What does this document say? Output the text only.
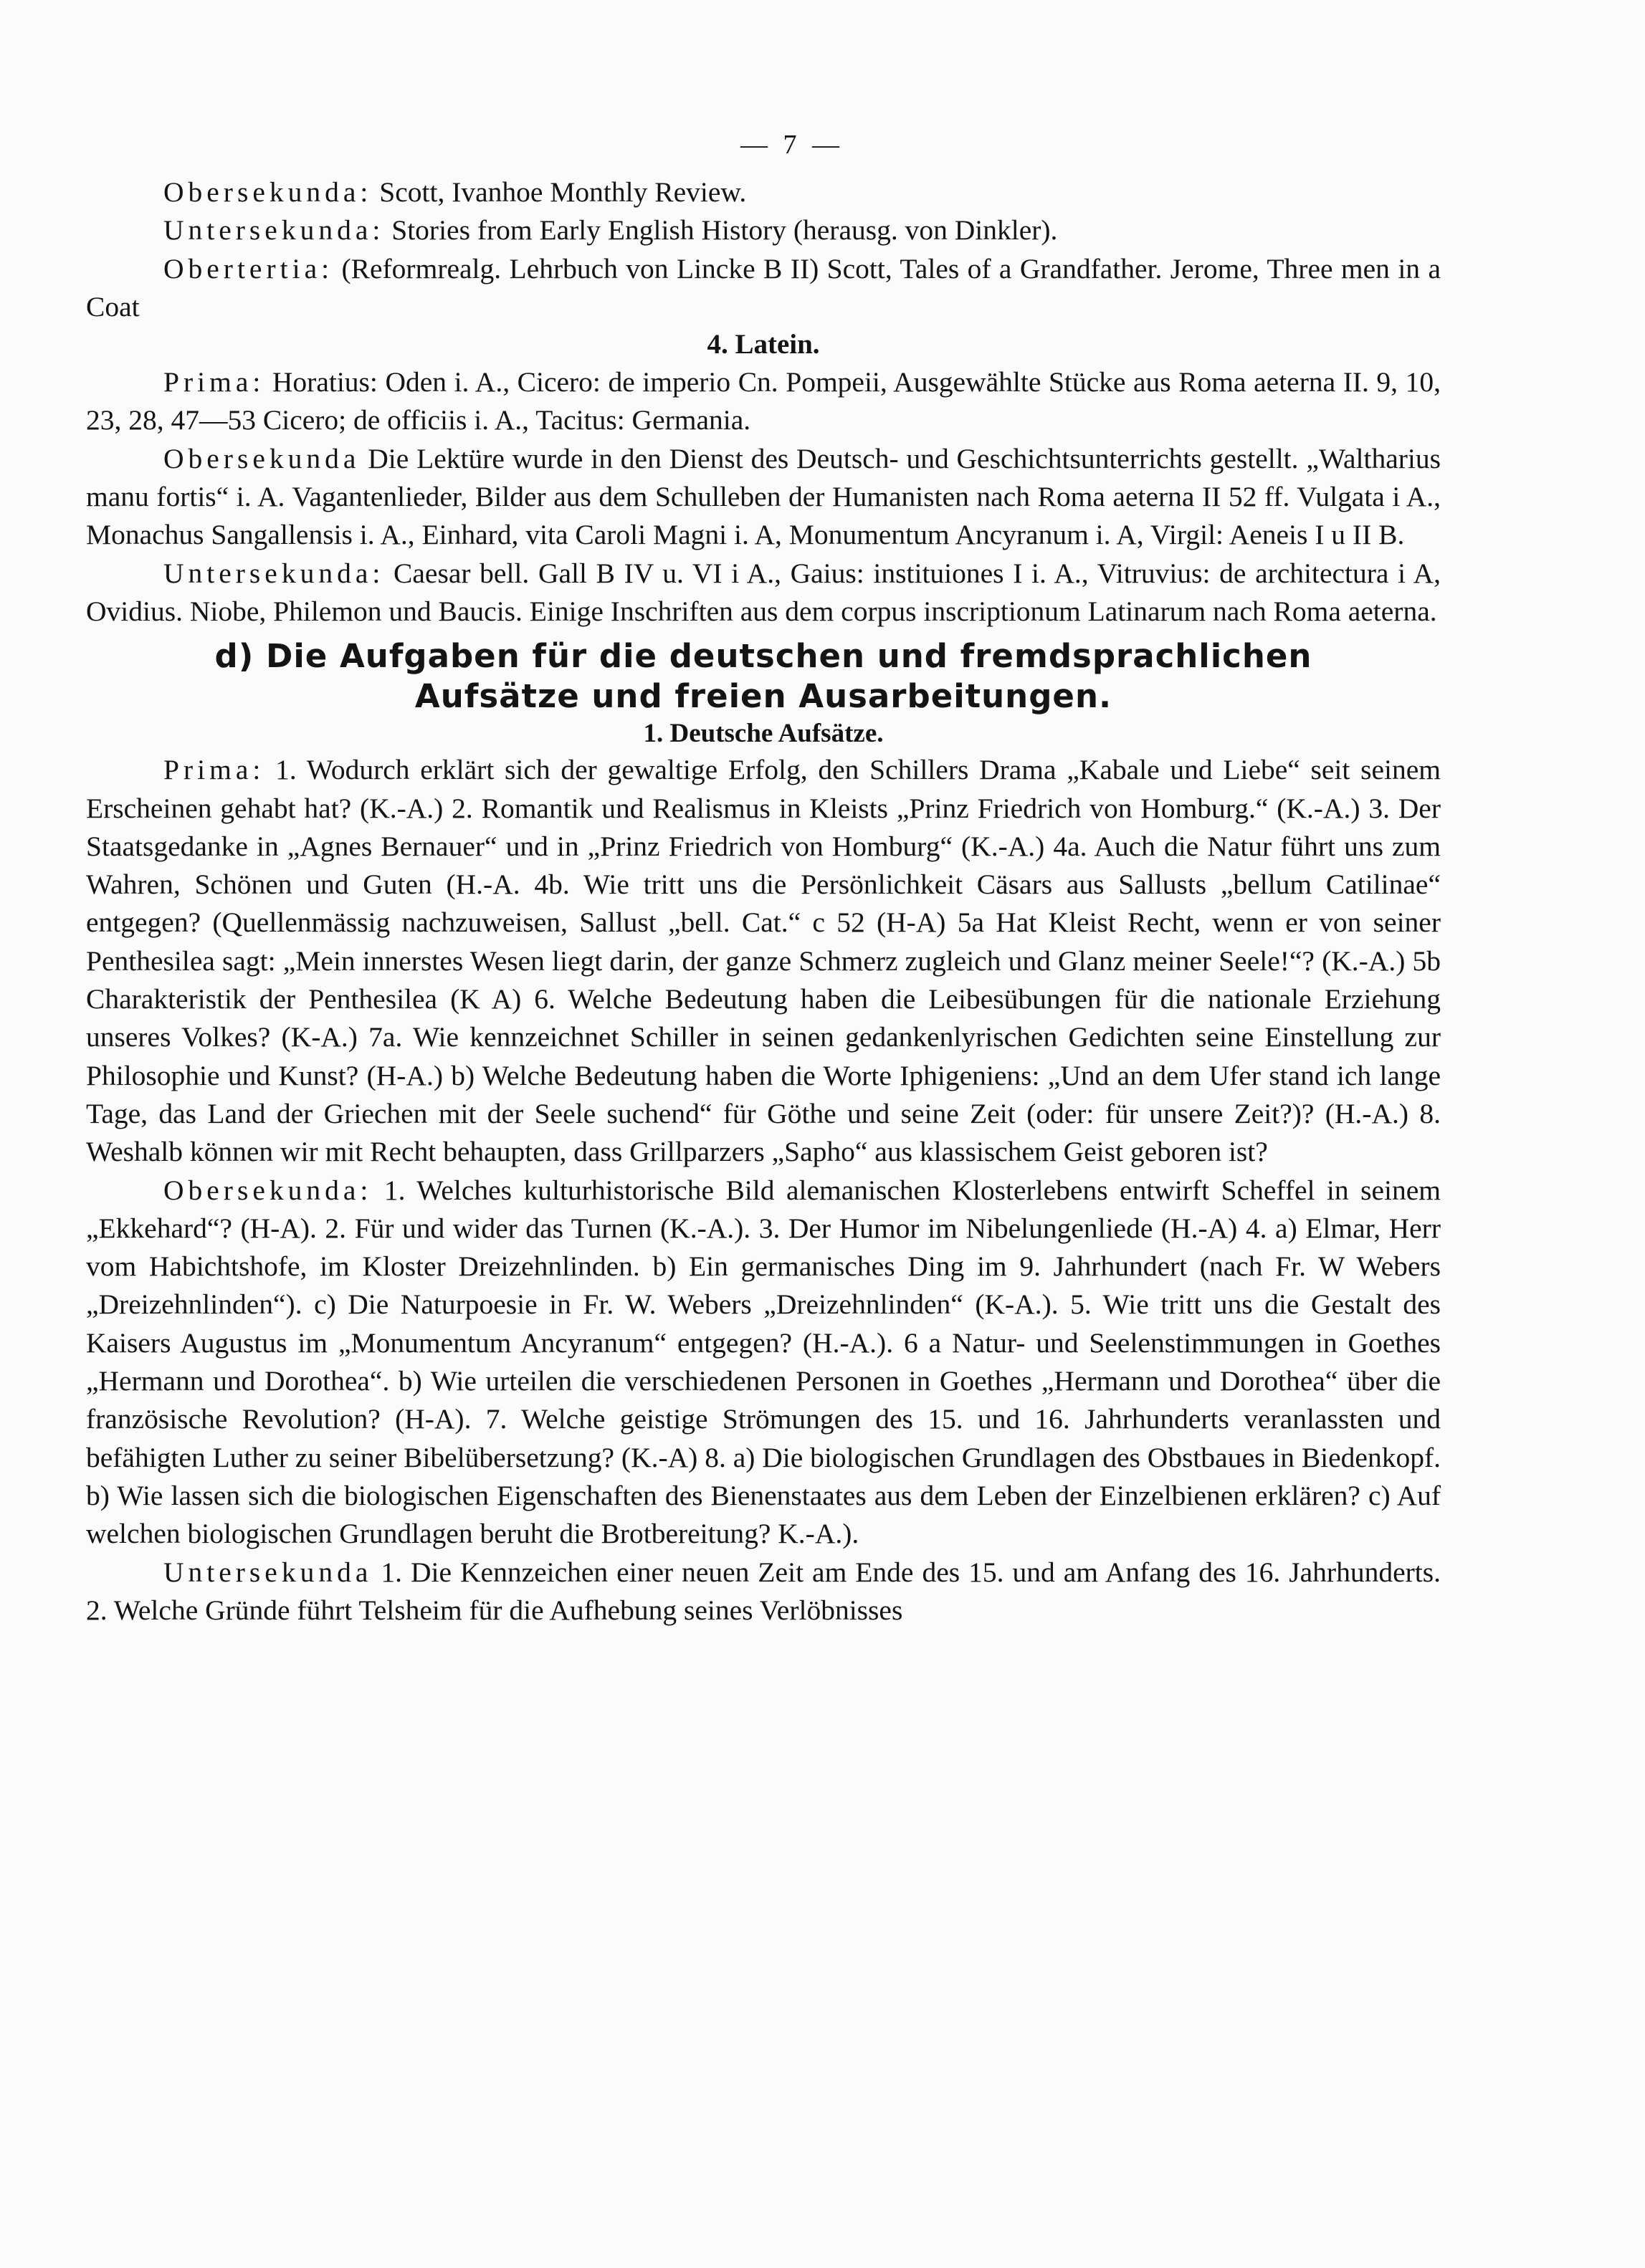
— 7 —

Obersekunda: Scott, Ivanhoe Monthly Review.

Untersekunda: Stories from Early English History (herausg. von Dinkler).

Obertertia: (Reformrealg. Lehrbuch von Lincke B II) Scott, Tales of a Grandfather. Jerome, Three men in a Coat

4. Latein.

Prima: Horatius: Oden i. A., Cicero: de imperio Cn. Pompeii, Ausgewählte Stücke aus Roma aeterna II. 9, 10, 23, 28, 47—53 Cicero; de officiis i. A., Tacitus: Germania.

Obersekunda Die Lektüre wurde in den Dienst des Deutsch- und Geschichtsunterrichts gestellt. „Waltharius manu fortis“ i. A. Vagantenlieder, Bilder aus dem Schulleben der Humanisten nach Roma aeterna II 52 ff. Vulgata i A., Monachus Sangallensis i. A., Einhard, vita Caroli Magni i. A, Monumentum Ancyranum i. A, Virgil: Aeneis I u II B.

Untersekunda: Caesar bell. Gall B IV u. VI i A., Gaius: instituiones I i. A., Vitruvius: de architectura i A, Ovidius. Niobe, Philemon und Baucis. Einige Inschriften aus dem corpus inscriptionum Latinarum nach Roma aeterna.

d) Die Aufgaben für die deutschen und fremdsprachlichen
Aufsätze und freien Ausarbeitungen.
1. Deutsche Aufsätze.

Prima: 1. Wodurch erklärt sich der gewaltige Erfolg, den Schillers Drama „Kabale und Liebe“ seit seinem Erscheinen gehabt hat? (K.-A.) 2. Romantik und Realismus in Kleists „Prinz Friedrich von Homburg.“ (K.-A.) 3. Der Staatsgedanke in „Agnes Bernauer“ und in „Prinz Friedrich von Homburg“ (K.-A.) 4a. Auch die Natur führt uns zum Wahren, Schönen und Guten (H.-A. 4b. Wie tritt uns die Persönlichkeit Cäsars aus Sallusts „bellum Catilinae“ entgegen? (Quellenmässig nachzuweisen, Sallust „bell. Cat.“ c 52 (H-A) 5a Hat Kleist Recht, wenn er von seiner Penthesilea sagt: „Mein innerstes Wesen liegt darin, der ganze Schmerz zugleich und Glanz meiner Seele!“? (K.-A.) 5b Charakteristik der Penthesilea (K A) 6. Welche Bedeutung haben die Leibesübungen für die nationale Erziehung unseres Volkes? (K-A.) 7a. Wie kennzeichnet Schiller in seinen gedankenlyrischen Gedichten seine Einstellung zur Philosophie und Kunst? (H-A.) b) Welche Bedeutung haben die Worte Iphigeniens: „Und an dem Ufer stand ich lange Tage, das Land der Griechen mit der Seele suchend“ für Göthe und seine Zeit (oder: für unsere Zeit?)? (H.-A.) 8. Weshalb können wir mit Recht behaupten, dass Grillparzers „Sapho“ aus klassischem Geist geboren ist?

Obersekunda: 1. Welches kulturhistorische Bild alemanischen Klosterlebens entwirft Scheffel in seinem „Ekkehard“? (H-A). 2. Für und wider das Turnen (K.-A.). 3. Der Humor im Nibelungenliede (H.-A) 4. a) Elmar, Herr vom Habichtshofe, im Kloster Dreizehnlinden. b) Ein germanisches Ding im 9. Jahrhundert (nach Fr. W Webers „Dreizehnlinden“). c) Die Naturpoesie in Fr. W. Webers „Dreizehnlinden“ (K-A.). 5. Wie tritt uns die Gestalt des Kaisers Augustus im „Monumentum Ancyranum“ entgegen? (H.-A.). 6 a Natur- und Seelenstimmungen in Goethes „Hermann und Dorothea“. b) Wie urteilen die verschiedenen Personen in Goethes „Hermann und Dorothea“ über die französische Revolution? (H-A). 7. Welche geistige Strömungen des 15. und 16. Jahrhunderts veranlassten und befähigten Luther zu seiner Bibelübersetzung? (K.-A) 8. a) Die biologischen Grundlagen des Obstbaues in Biedenkopf. b) Wie lassen sich die biologischen Eigenschaften des Bienenstaates aus dem Leben der Einzelbienen erklären? c) Auf welchen biologischen Grundlagen beruht die Brotbereitung? K.-A.).

Untersekunda 1. Die Kennzeichen einer neuen Zeit am Ende des 15. und am Anfang des 16. Jahrhunderts. 2. Welche Gründe führt Telsheim für die Aufhebung seines Verlöbnisses
